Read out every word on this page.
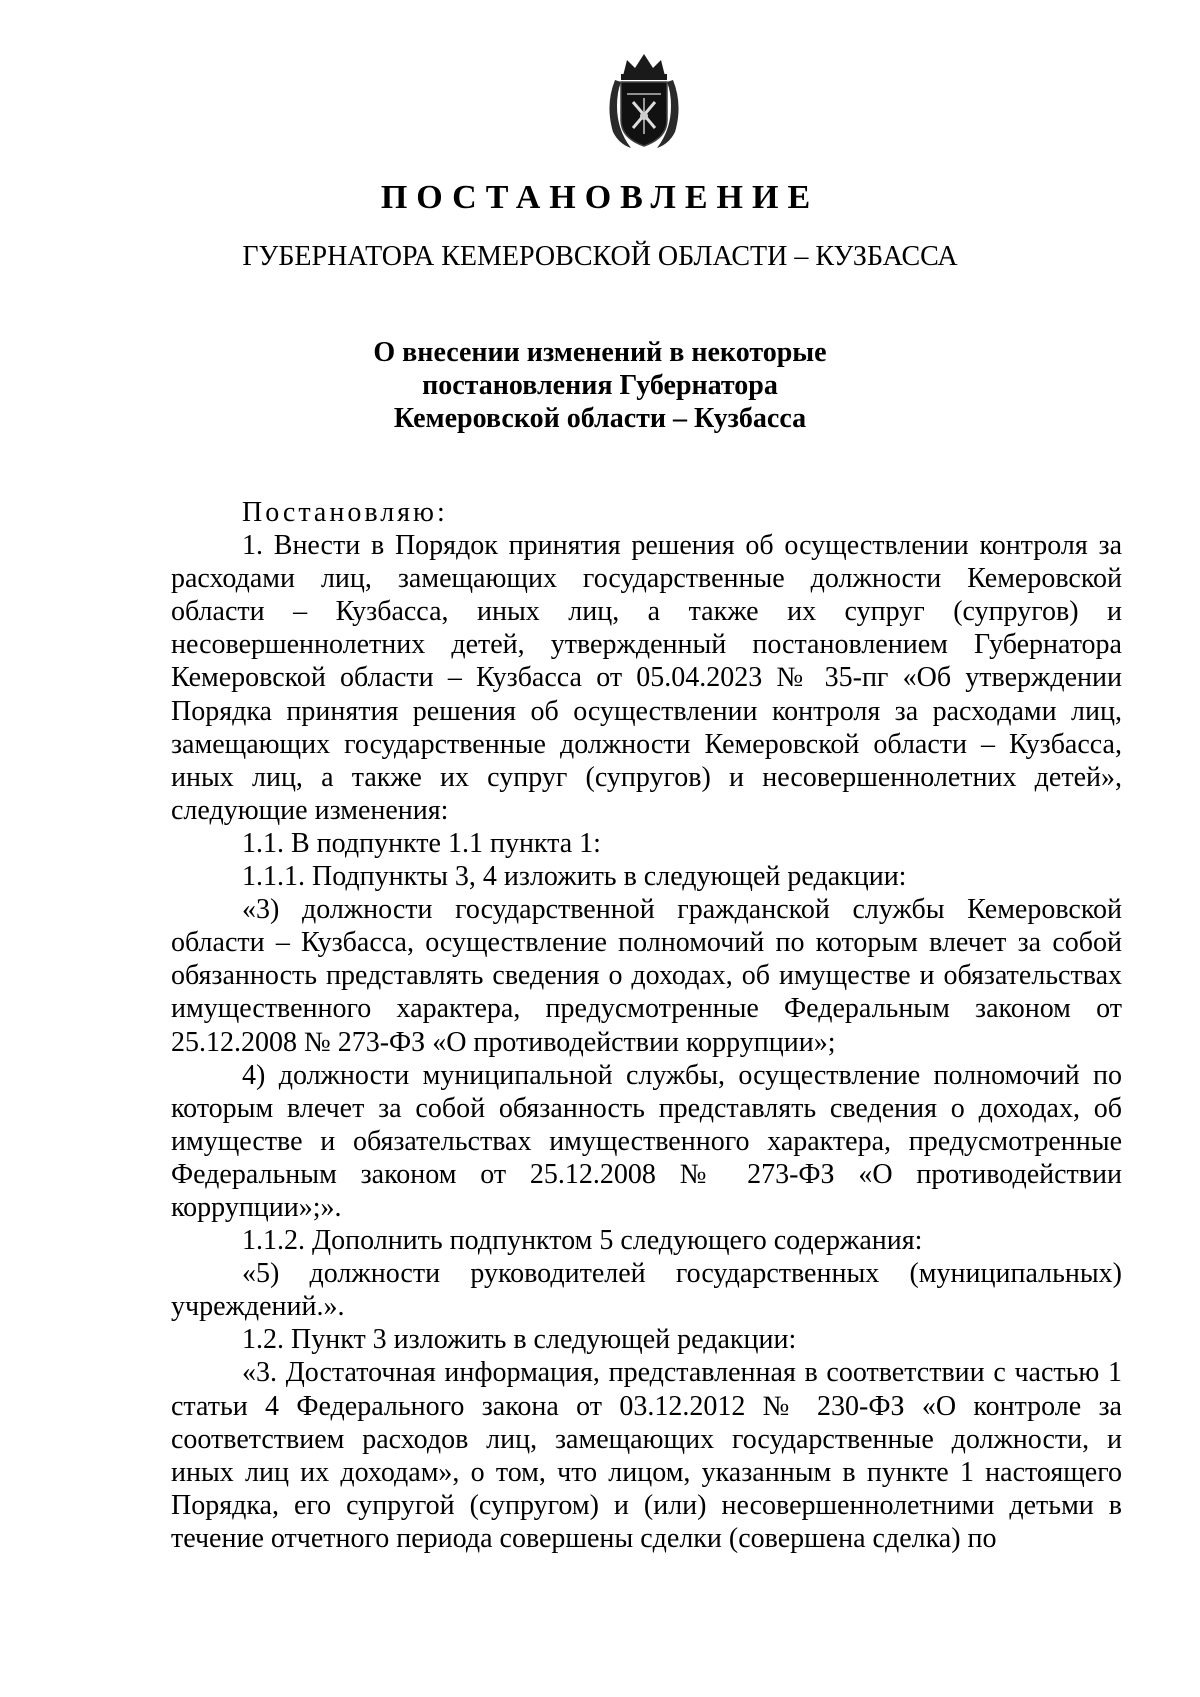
ПОСТАНОВЛЕНИЕ
ГУБЕРНАТОРА КЕМЕРОВСКОЙ ОБЛАСТИ – КУЗБАССА
О внесении изменений в некоторые
постановления Губернатора
Кемеровской области – Кузбасса

Постановляю:

1. Внести в Порядок принятия решения об осуществлении контроля за расходами лиц, замещающих государственные должности Кемеровской области – Кузбасса, иных лиц, а также их супруг (супругов) и несовершеннолетних детей, утвержденный постановлением Губернатора Кемеровской области – Кузбасса от 05.04.2023 № 35-пг «Об утверждении Порядка принятия решения об осуществлении контроля за расходами лиц, замещающих государственные должности Кемеровской области – Кузбасса, иных лиц, а также их супруг (супругов) и несовершеннолетних детей», следующие изменения:

1.1. В подпункте 1.1 пункта 1:

1.1.1. Подпункты 3, 4 изложить в следующей редакции:

«3) должности государственной гражданской службы Кемеровской области – Кузбасса, осуществление полномочий по которым влечет за собой обязанность представлять сведения о доходах, об имуществе и обязательствах имущественного характера, предусмотренные Федеральным законом от 25.12.2008 № 273-ФЗ «О противодействии коррупции»;

4) должности муниципальной службы, осуществление полномочий по которым влечет за собой обязанность представлять сведения о доходах, об имуществе и обязательствах имущественного характера, предусмотренные Федеральным законом от 25.12.2008 № 273-ФЗ «О противодействии коррупции»;».

1.1.2. Дополнить подпунктом 5 следующего содержания:

«5) должности руководителей государственных (муниципальных) учреждений.».

1.2. Пункт 3 изложить в следующей редакции:

«3. Достаточная информация, представленная в соответствии с частью 1 статьи 4 Федерального закона от 03.12.2012 № 230-ФЗ «О контроле за соответствием расходов лиц, замещающих государственные должности, и иных лиц их доходам», о том, что лицом, указанным в пункте 1 настоящего Порядка, его супругой (супругом) и (или) несовершеннолетними детьми в течение отчетного периода совершены сделки (совершена сделка) по
